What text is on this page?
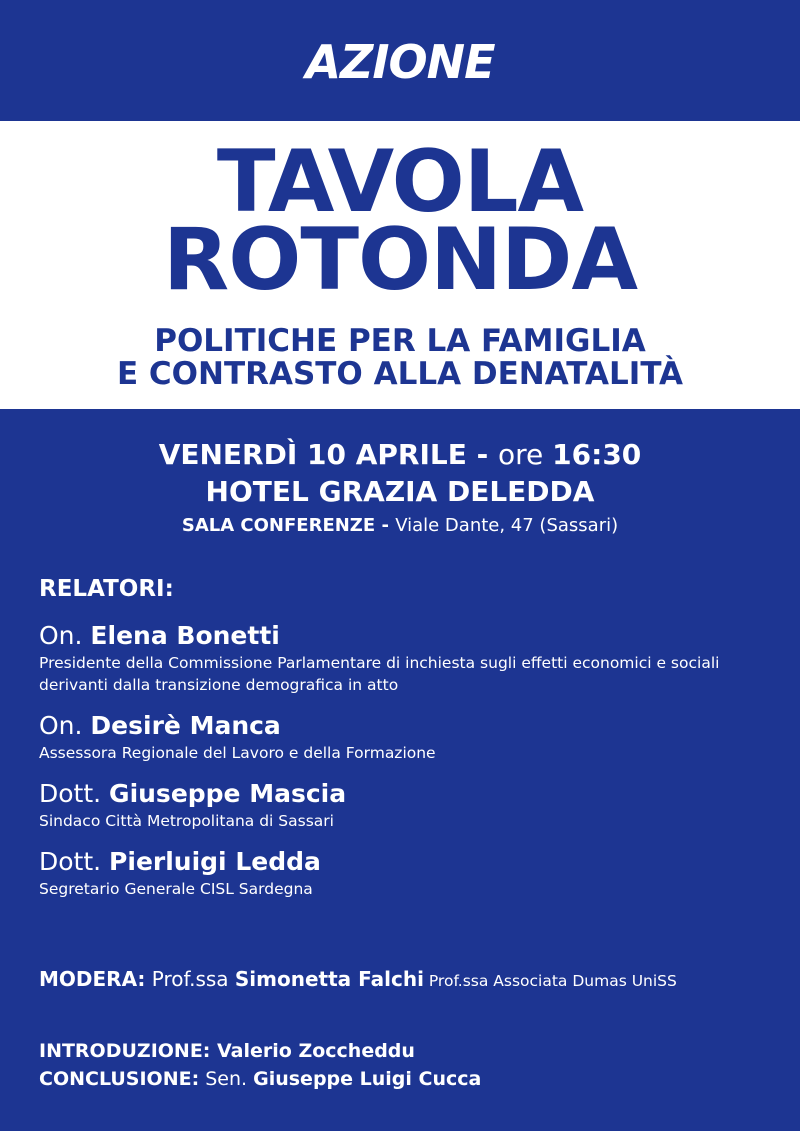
AZIONE
TAVOLA
ROTONDA
POLITICHE PER LA FAMIGLIA
E CONTRASTO ALLA DENATALITÀ
VENERDÌ 10 APRILE - ore 16:30
HOTEL GRAZIA DELEDDA
SALA CONFERENZE - Viale Dante, 47 (Sassari)
RELATORI:
On. Elena Bonetti
Presidente della Commissione Parlamentare di inchiesta sugli effetti economici e sociali derivanti dalla transizione demografica in atto
On. Desirè Manca
Assessora Regionale del Lavoro e della Formazione
Dott. Giuseppe Mascia
Sindaco Città Metropolitana di Sassari
Dott. Pierluigi Ledda
Segretario Generale CISL Sardegna
MODERA: Prof.ssa Simonetta Falchi Prof.ssa Associata Dumas UniSS
INTRODUZIONE: Valerio Zoccheddu
CONCLUSIONE: Sen. Giuseppe Luigi Cucca
